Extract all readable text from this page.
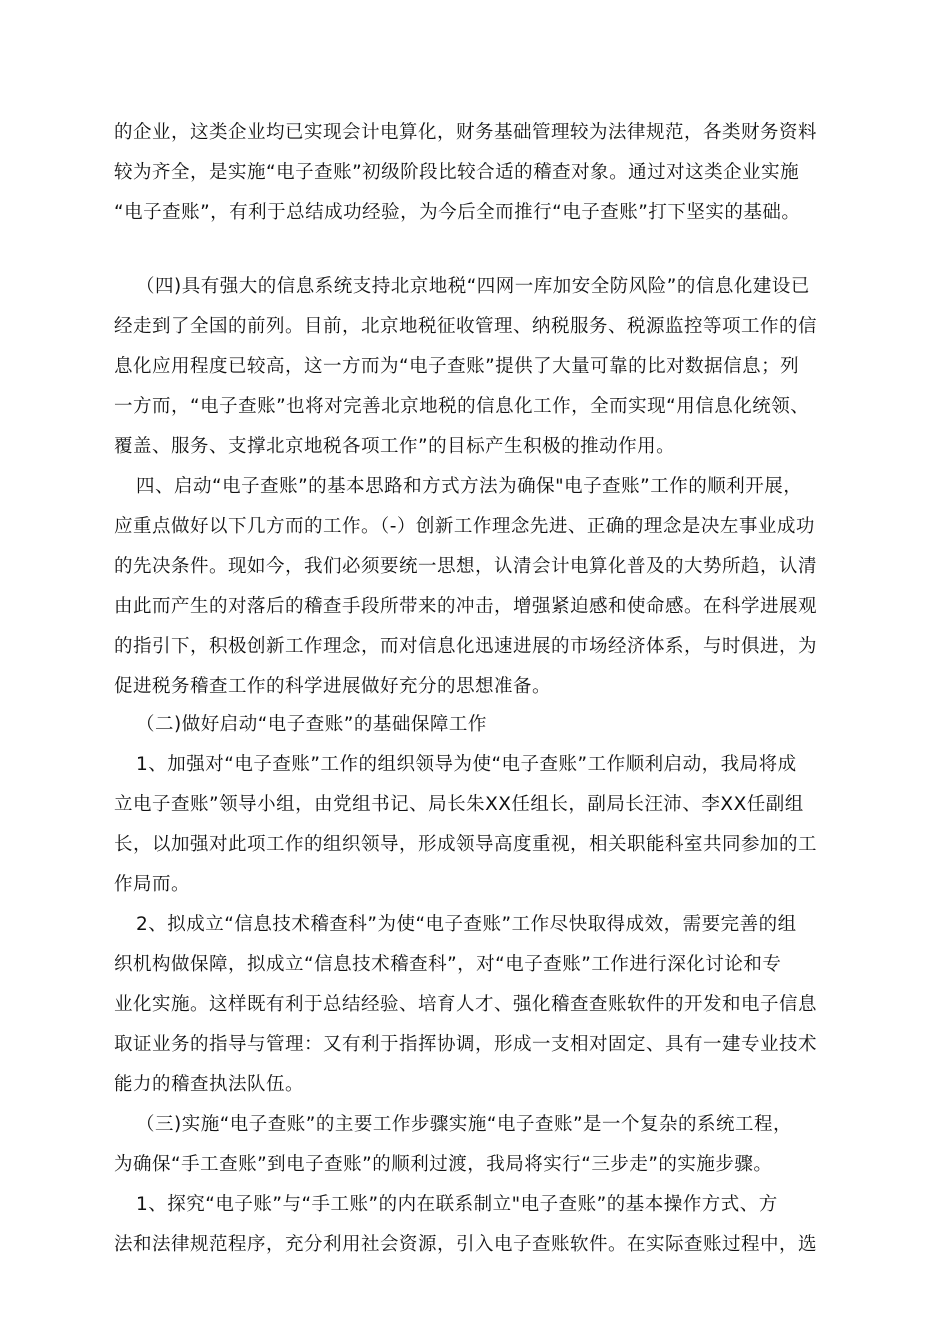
的企业，这类企业均已实现会计电算化，财务基础管理较为法律规范，各类财务资料
较为齐全，是实施“电子查账”初级阶段比较合适的稽查对象。通过对这类企业实施
“电子查账”，有利于总结成功经验，为今后全而推行“电子查账”打下坚实的基础。
（四)具有强大的信息系统支持北京地税“四网一库加安全防风险”的信息化建设已
经走到了全国的前列。目前，北京地税征收管理、纳税服务、税源监控等项工作的信
息化应用程度已较高，这一方而为“电子查账”提供了大量可靠的比对数据信息；列
一方而，“电子查账”也将对完善北京地税的信息化工作，全而实现“用信息化统领、
覆盖、服务、支撑北京地税各项工作”的目标产生积极的推动作用。
四、启动“电子查账”的基本思路和方式方法为确保"电子查账”工作的顺利开展，
应重点做好以下几方而的工作。（-）创新工作理念先进、正确的理念是决左事业成功
的先决条件。现如今，我们必须要统一思想，认清会计电算化普及的大势所趋，认清
由此而产生的对落后的稽查手段所带来的冲击，增强紧迫感和使命感。在科学进展观
的指引下，积极创新工作理念，而对信息化迅速进展的市场经济体系，与时俱进，为
促进税务稽查工作的科学进展做好充分的思想准备。
（二)做好启动“电子查账”的基础保障工作
1、加强对“电子查账”工作的组织领导为使“电子查账”工作顺利启动，我局将成
立电子查账”领导小组，由党组书记、局长朱XX任组长，副局长汪沛、李XX任副组
长，以加强对此项工作的组织领导，形成领导高度重视，相关职能科室共同参加的工
作局而。
2、拟成立“信息技术稽查科”为使“电子查账”工作尽快取得成效，需要完善的组
织机构做保障，拟成立“信息技术稽查科”，对“电子查账”工作进行深化讨论和专
业化实施。这样既有利于总结经验、培育人才、强化稽查查账软件的开发和电子信息
取证业务的指导与管理：又有利于指挥协调，形成一支相对固定、具有一建专业技术
能力的稽查执法队伍。
（三)实施“电子查账”的主要工作步骤实施“电子查账”是一个复杂的系统工程，
为确保“手工查账”到电子查账”的顺利过渡，我局将实行“三步走”的实施步骤。
1、探究“电子账”与“手工账”的内在联系制立"电子查账”的基本操作方式、方
法和法律规范程序，充分利用社会资源，引入电子查账软件。在实际查账过程中，选
